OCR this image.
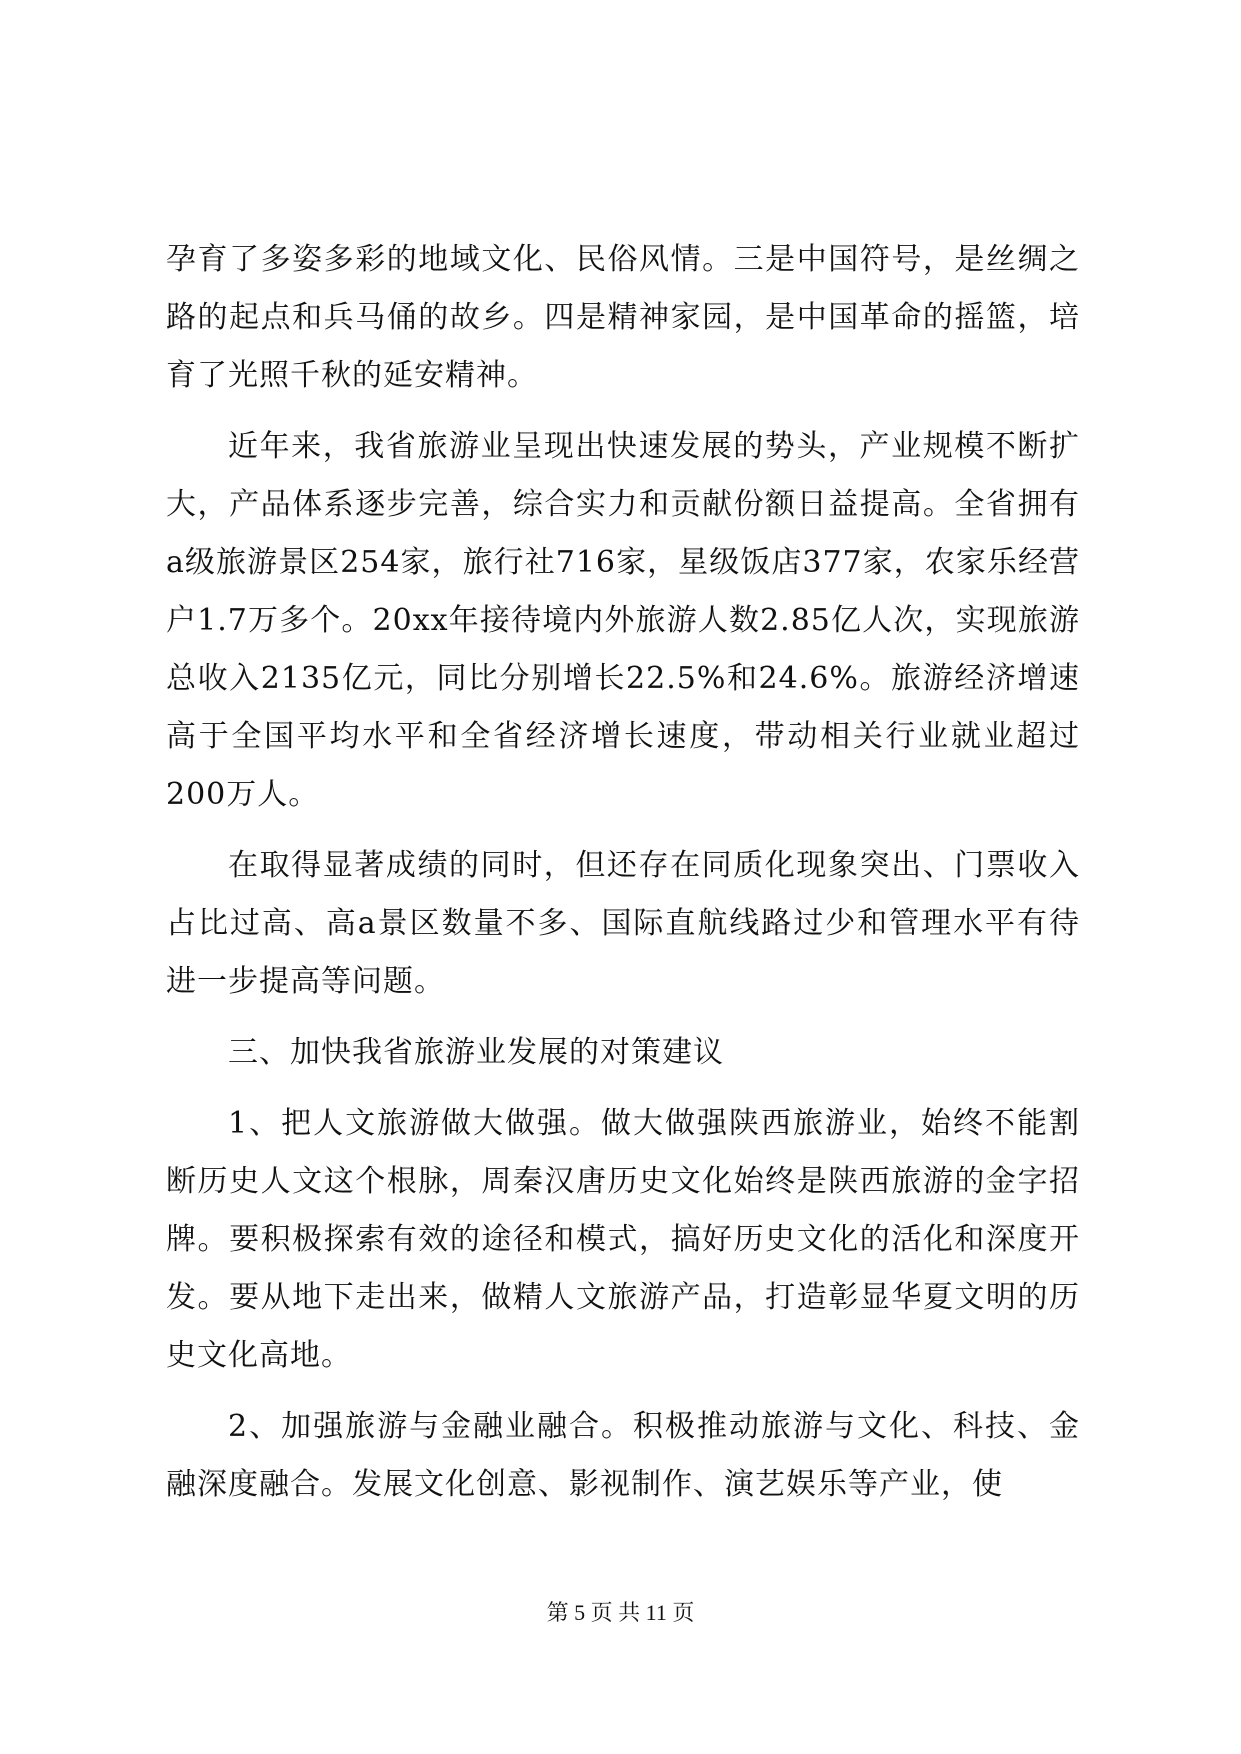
孕育了多姿多彩的地域文化、民俗风情。三是中国符号，是丝绸之路的起点和兵马俑的故乡。四是精神家园，是中国革命的摇篮，培育了光照千秋的延安精神。

近年来，我省旅游业呈现出快速发展的势头，产业规模不断扩大，产品体系逐步完善，综合实力和贡献份额日益提高。全省拥有a级旅游景区254家，旅行社716家，星级饭店377家，农家乐经营户1.7万多个。20xx年接待境内外旅游人数2.85亿人次，实现旅游总收入2135亿元，同比分别增长22.5%和24.6%。旅游经济增速高于全国平均水平和全省经济增长速度，带动相关行业就业超过200万人。

在取得显著成绩的同时，但还存在同质化现象突出、门票收入占比过高、高a景区数量不多、国际直航线路过少和管理水平有待进一步提高等问题。

三、加快我省旅游业发展的对策建议

1、把人文旅游做大做强。做大做强陕西旅游业，始终不能割断历史人文这个根脉，周秦汉唐历史文化始终是陕西旅游的金字招牌。要积极探索有效的途径和模式，搞好历史文化的活化和深度开发。要从地下走出来，做精人文旅游产品，打造彰显华夏文明的历史文化高地。

2、加强旅游与金融业融合。积极推动旅游与文化、科技、金融深度融合。发展文化创意、影视制作、演艺娱乐等产业，使

第 5 页 共 11 页
